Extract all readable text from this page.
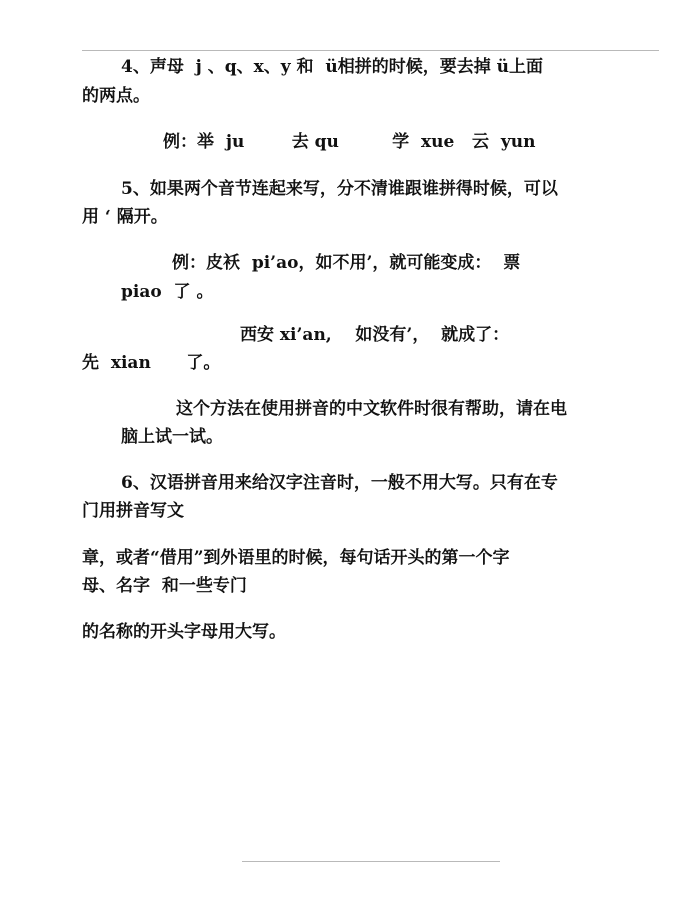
4、声母  j 、q、x、y 和  ü相拼的时候，要去掉 ü上面
的两点。
例：举  ju        去 qu         学  xue   云  yun
5、如果两个音节连起来写，分不清谁跟谁拼得时候，可以
用 ‘ 隔开。
例：皮袄  pi’ao，如不用’，就可能变成：  票
piao  了 。
西安 xi’an,    如没有’，  就成了：
先  xian      了。
这个方法在使用拼音的中文软件时很有帮助，请在电
脑上试一试。
6、汉语拼音用来给汉字注音时，一般不用大写。只有在专
门用拼音写文
章，或者“借用”到外语里的时候，每句话开头的第一个字
母、名字  和一些专门
的名称的开头字母用大写。
